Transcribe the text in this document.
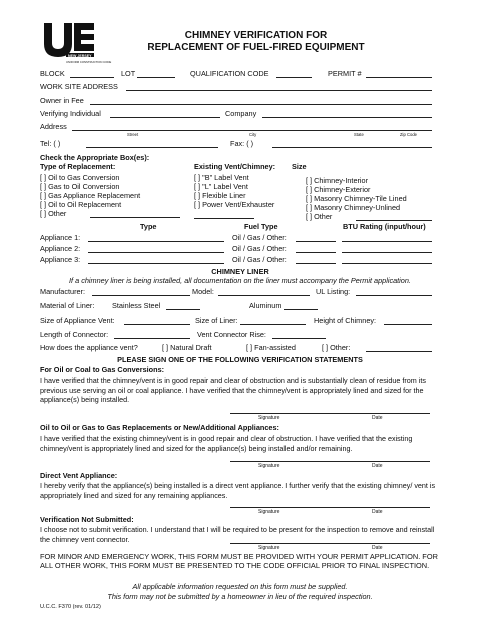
NEW JERSEY
UNIFORM CONSTRUCTION CODE
CHIMNEY VERIFICATION FOR
REPLACEMENT OF FUEL-FIRED EQUIPMENT
BLOCK	LOT	QUALIFICATION CODE	PERMIT #
WORK SITE ADDRESS
Owner in Fee
Verifying Individual	Company
Address
Street	City	State	Zip Code
Tel: ( )	Fax: ( )
Check the Appropriate Box(es):
Type of Replacement:	Existing Vent/Chimney: Size
[ ] Oil to Gas Conversion
[ ] Gas to Oil Conversion
[ ] Gas Appliance Replacement
[ ] Oil to Oil Replacement
[ ] Other
[ ] "B" Label Vent
[ ] "L" Label Vent
[ ] Flexible Liner
[ ] Power Vent/Exhauster
[ ] Chimney-Interior
[ ] Chimney-Exterior
[ ] Masonry Chimney-Tile Lined
[ ] Masonry Chimney-Unlined
[ ] Other
Type	Fuel Type	BTU Rating (input/hour)
Appliance 1:	Oil / Gas / Other:
Appliance 2:	Oil / Gas / Other:
Appliance 3:	Oil / Gas / Other:
CHIMNEY LINER
If a chimney liner is being installed, all documentation on the liner must accompany the Permit application.
Manufacturer:	Model:	UL Listing:
Material of Liner: Stainless Steel	Aluminum
Size of Appliance Vent:	Size of Liner:	Height of Chimney:
Length of Connector:	Vent Connector Rise:
How does the appliance vent?	[ ] Natural Draft	[ ] Fan-assisted	[ ] Other:
PLEASE SIGN ONE OF THE FOLLOWING VERIFICATION STATEMENTS
For Oil or Coal to Gas Conversions:
I have verified that the chimney/vent is in good repair and clear of obstruction and is substantially clean of residue from its previous use serving an oil or coal appliance. I have verified that the chimney/vent is appropriately lined and sized for the appliance(s) being installed.
Signature	Date
Oil to Oil or Gas to Gas Replacements or New/Additional Appliances:
I have verified that the existing chimney/vent is in good repair and clear of obstruction. I have verified that the existing chimney/vent is appropriately lined and sized for the appliance(s) being installed and/or remaining.
Signature	Date
Direct Vent Appliance:
I hereby verify that the appliance(s) being installed is a direct vent appliance. I further verify that the existing chimney/ vent is appropriately lined and sized for any remaining appliances.
Signature	Date
Verification Not Submitted:
I choose not to submit verification. I understand that I will be required to be present for the inspection to remove and reinstall the chimney vent connector.
Signature	Date
FOR MINOR AND EMERGENCY WORK, THIS FORM MUST BE PROVIDED WITH YOUR PERMIT APPLICATION. FOR ALL OTHER WORK, THIS FORM MUST BE PRESENTED TO THE CODE OFFICIAL PRIOR TO FINAL INSPECTION.
All applicable information requested on this form must be supplied.
This form may not be submitted by a homeowner in lieu of the required inspection.
U.C.C. F370 (rev. 01/12)
